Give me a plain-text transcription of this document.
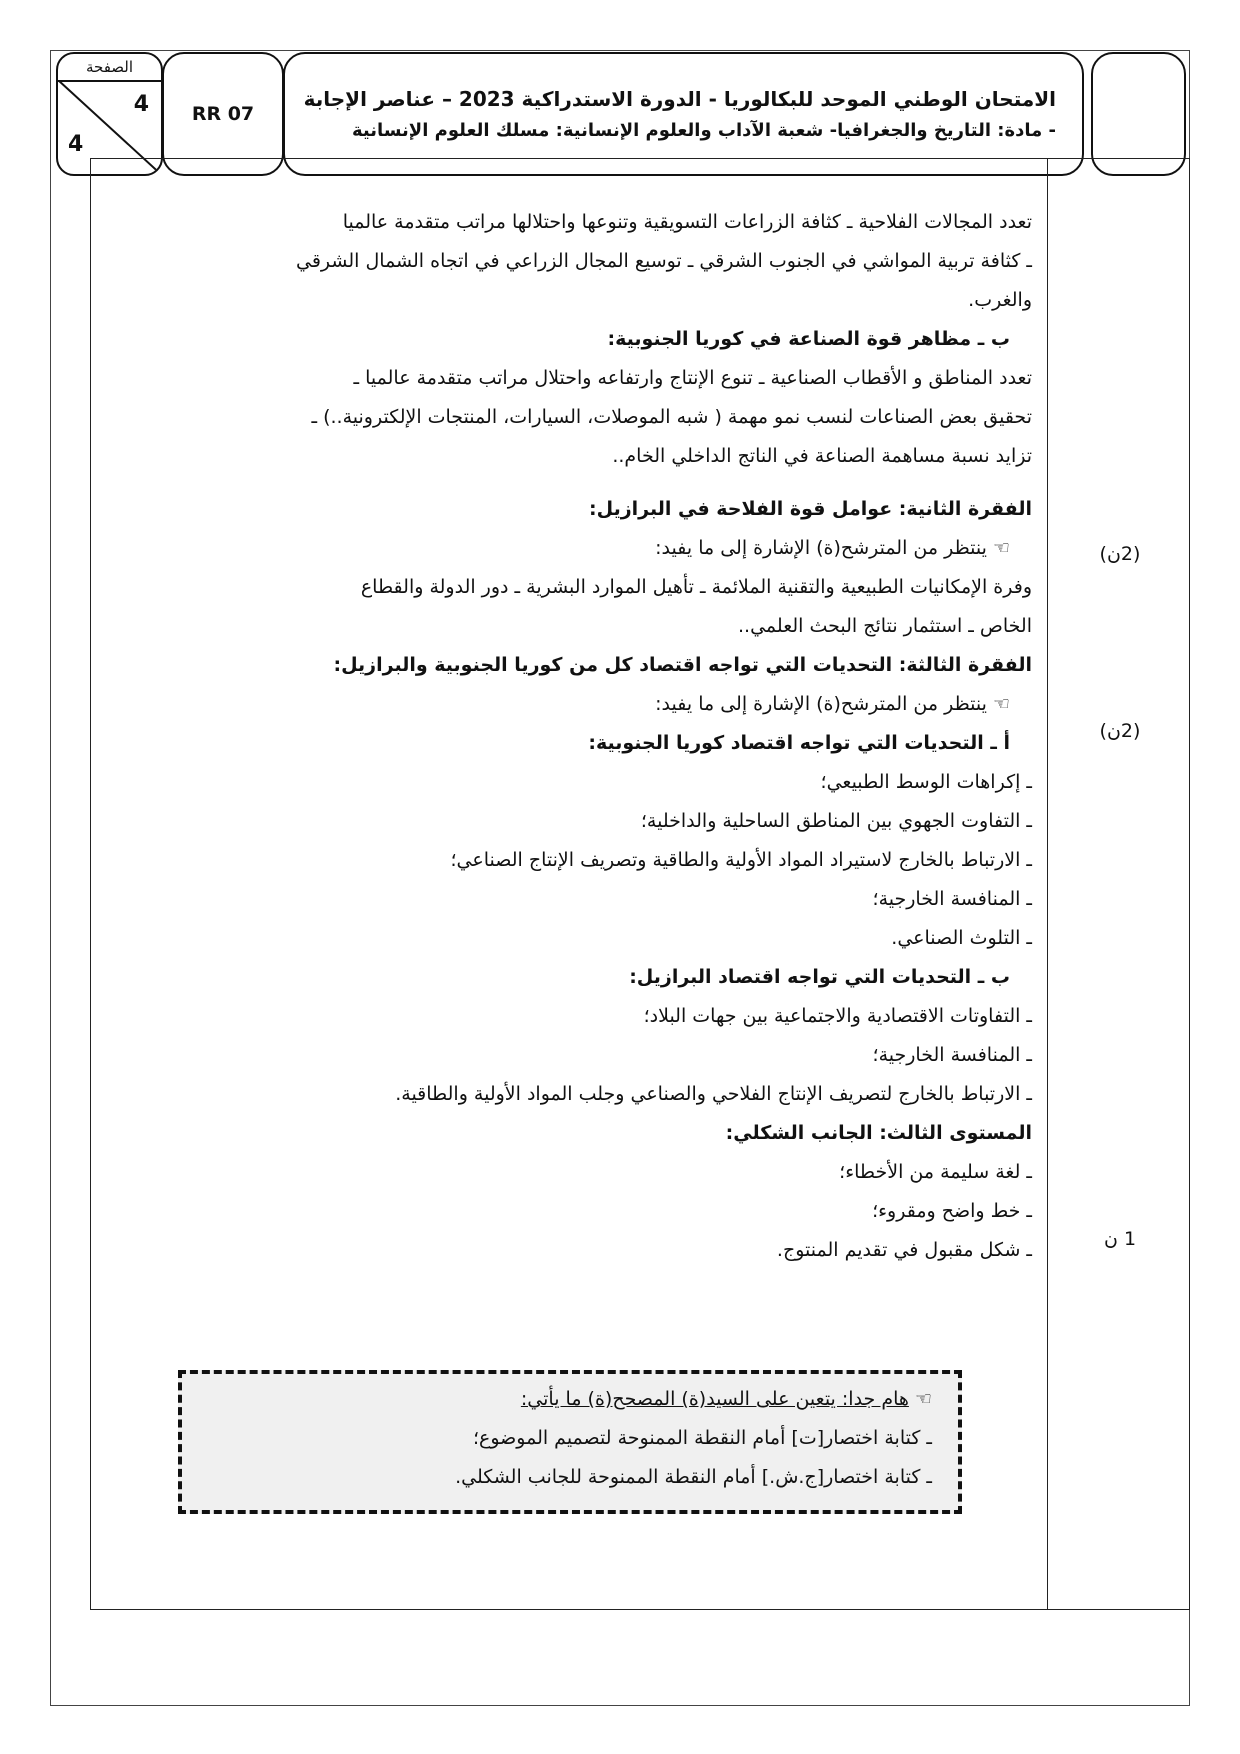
الامتحان الوطني الموحد للبكالوريا - الدورة الاستدراكية 2023 – عناصر الإجابة
- مادة: التاريخ والجغرافيا- شعبة الآداب والعلوم الإنسانية: مسلك العلوم الإنسانية
RR 07
الصفحة
4
4
(2ن)
(2ن)
1 ن

تعدد المجالات الفلاحية ـ كثافة الزراعات التسويقية وتنوعها واحتلالها مراتب متقدمة عالميا

ـ كثافة تربية المواشي في الجنوب الشرقي ـ توسيع المجال الزراعي في اتجاه الشمال الشرقي

والغرب.

ب ـ مظاهر قوة الصناعة في كوريا الجنوبية:

تعدد المناطق و الأقطاب الصناعية ـ تنوع الإنتاج وارتفاعه واحتلال مراتب متقدمة عالميا ـ

تحقيق بعض الصناعات لنسب نمو مهمة ( شبه الموصلات، السيارات، المنتجات الإلكترونية..) ـ

تزايد نسبة مساهمة الصناعة في الناتج الداخلي الخام..

الفقرة الثانية: عوامل قوة الفلاحة في البرازيل:

☜ ينتظر من المترشح(ة) الإشارة إلى ما يفيد:

وفرة الإمكانيات الطبيعية والتقنية الملائمة ـ تأهيل الموارد البشرية ـ دور الدولة والقطاع

الخاص ـ استثمار نتائج البحث العلمي..

الفقرة الثالثة: التحديات التي تواجه اقتصاد كل من كوريا الجنوبية والبرازيل:

☜ ينتظر من المترشح(ة) الإشارة إلى ما يفيد:

أ ـ التحديات التي تواجه اقتصاد كوريا الجنوبية:

ـ إكراهات الوسط الطبيعي؛

ـ التفاوت الجهوي بين المناطق الساحلية والداخلية؛

ـ الارتباط بالخارج لاستيراد المواد الأولية والطاقية وتصريف الإنتاج الصناعي؛

ـ المنافسة الخارجية؛

ـ التلوث الصناعي.

ب ـ التحديات التي تواجه اقتصاد البرازيل:

ـ التفاوتات الاقتصادية والاجتماعية بين جهات البلاد؛

ـ المنافسة الخارجية؛

ـ الارتباط بالخارج لتصريف الإنتاج الفلاحي والصناعي وجلب المواد الأولية والطاقية.

المستوى الثالث: الجانب الشكلي:

ـ لغة سليمة من الأخطاء؛

ـ خط واضح ومقروء؛

ـ شكل مقبول في تقديم المنتوج.

☜ هام جدا: يتعين على السيد(ة) المصحح(ة) ما يأتي:
ـ كتابة اختصار[ت] أمام النقطة الممنوحة لتصميم الموضوع؛
ـ كتابة اختصار[ج.ش.] أمام النقطة الممنوحة للجانب الشكلي.
